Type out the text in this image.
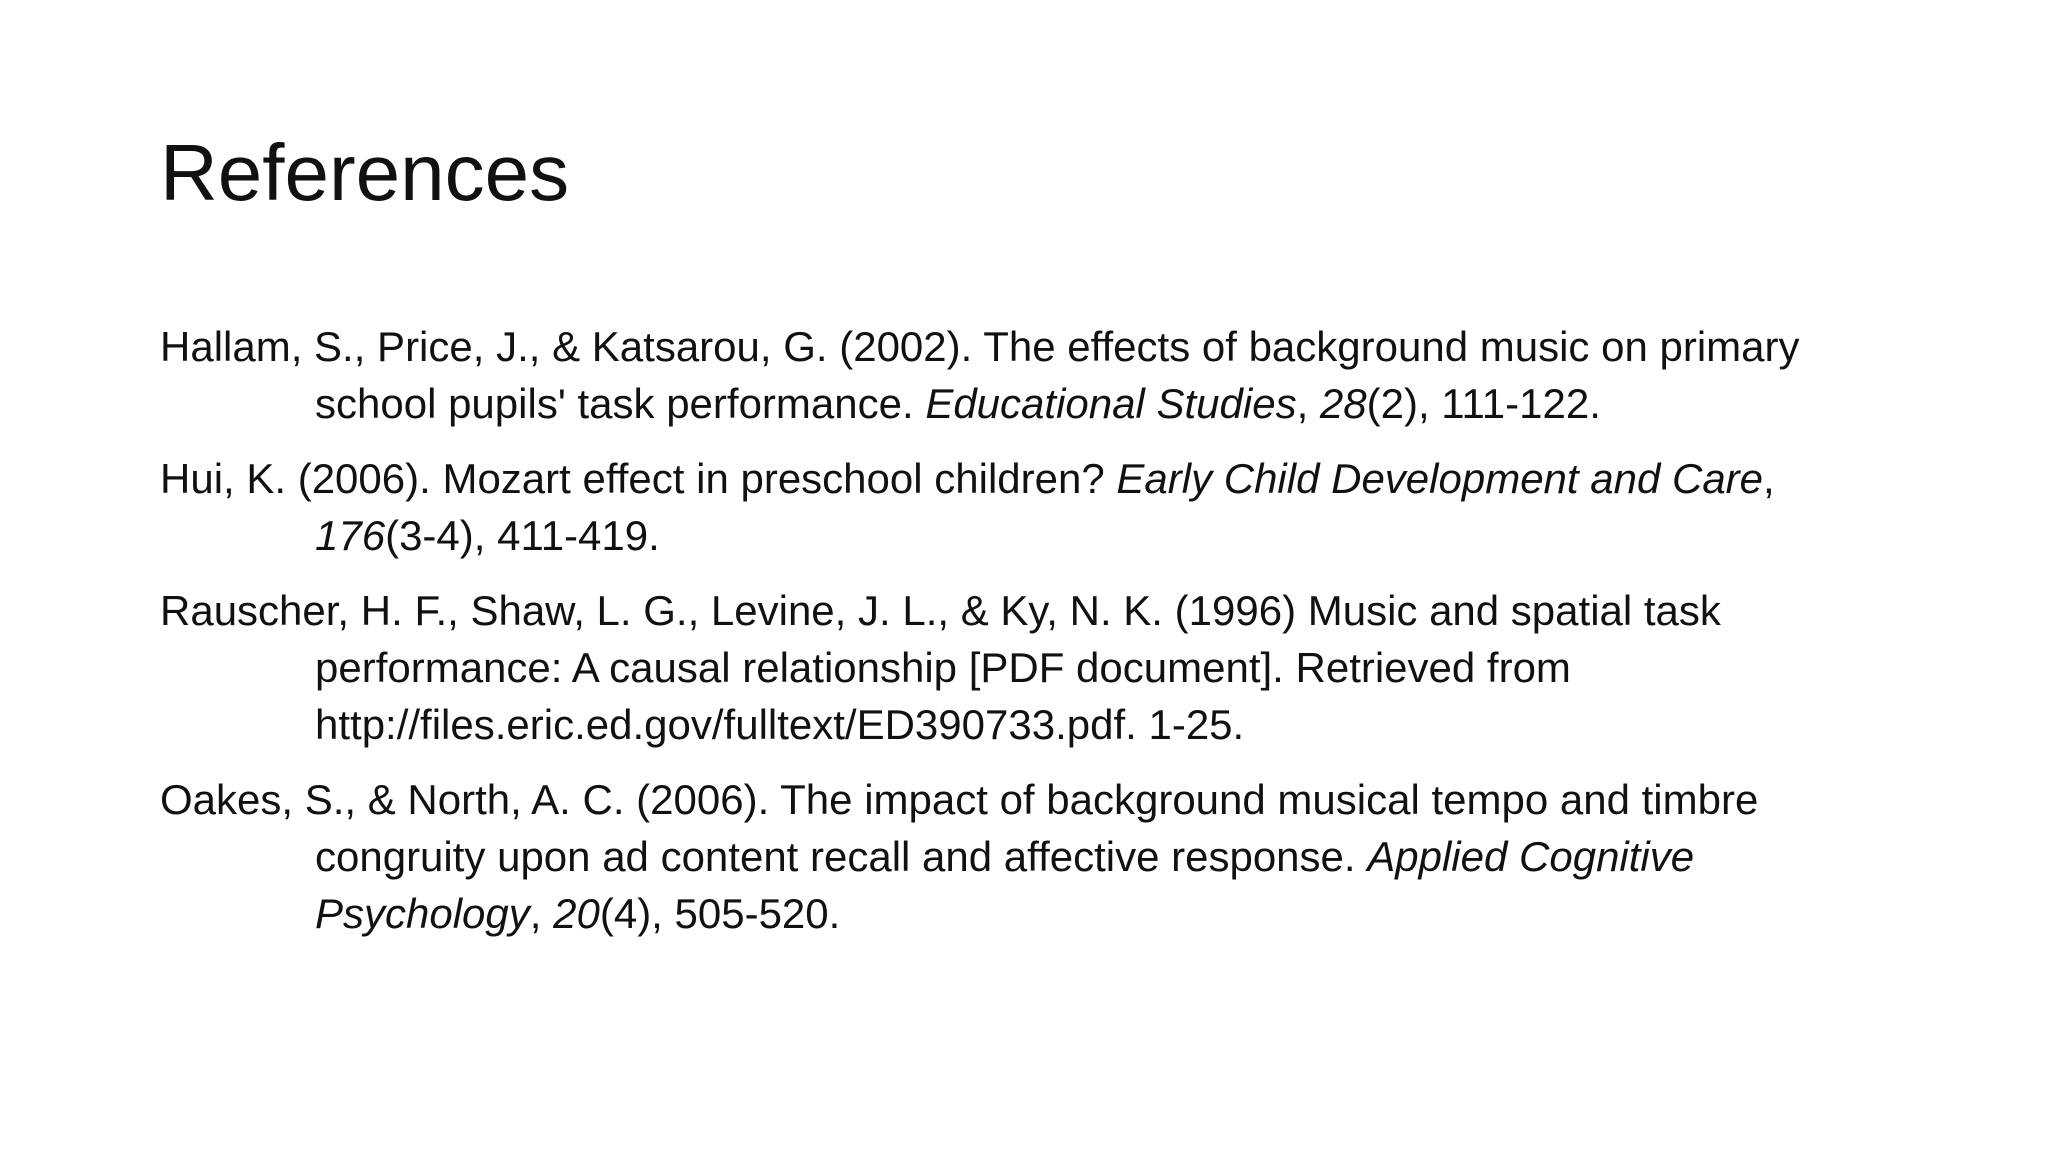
References
Hallam, S., Price, J., & Katsarou, G. (2002). The effects of background music on primary school pupils' task performance. Educational Studies, 28(2), 111-122.
Hui, K. (2006). Mozart effect in preschool children? Early Child Development and Care, 176(3-4), 411-419.
Rauscher, H. F., Shaw, L. G., Levine, J. L., & Ky, N. K. (1996) Music and spatial task performance: A causal relationship [PDF document]. Retrieved from http://files.eric.ed.gov/fulltext/ED390733.pdf. 1-25.
Oakes, S., & North, A. C. (2006). The impact of background musical tempo and timbre congruity upon ad content recall and affective response. Applied Cognitive Psychology, 20(4), 505-520.
